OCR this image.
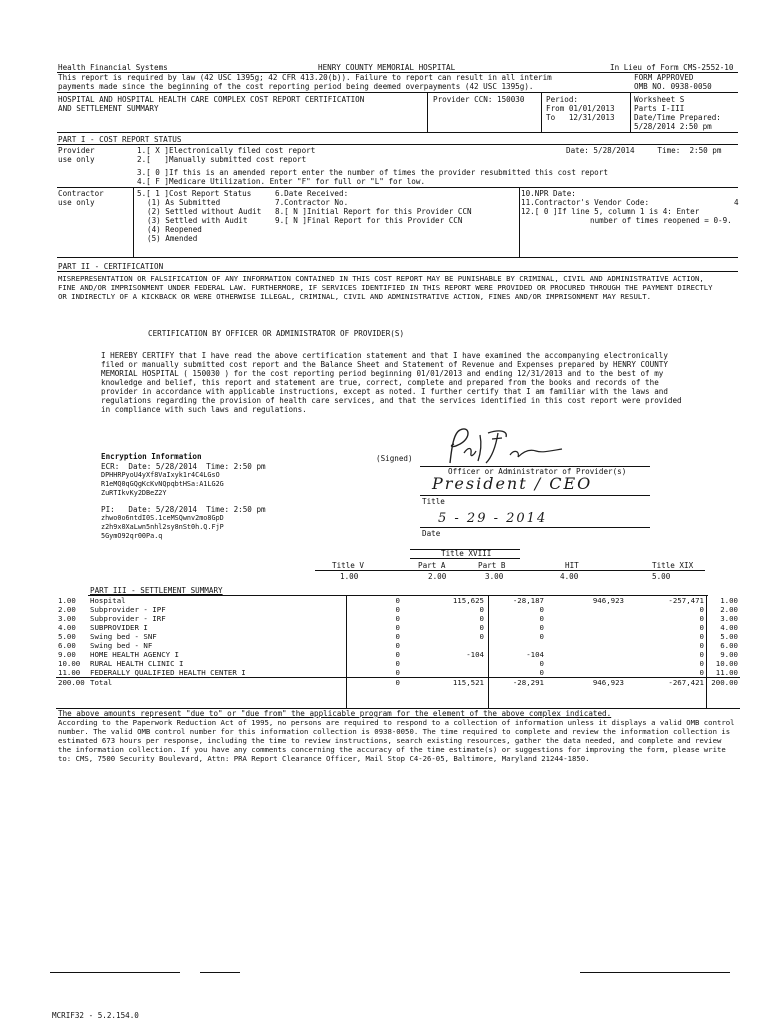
Health Financial Systems	HENRY COUNTY MEMORIAL HOSPITAL	In Lieu of Form CMS-2552-10
This report is required by law (42 USC 1395g; 42 CFR 413.20(b)). Failure to report can result in all interim	FORM APPROVED
payments made since the beginning of the cost reporting period being deemed overpayments (42 USC 1395g).	OMB NO. 0938-0050
HOSPITAL AND HOSPITAL HEALTH CARE COMPLEX COST REPORT CERTIFICATION
AND SETTLEMENT SUMMARY
Provider CCN: 150030	Period:
From 01/01/2013
To   12/31/2013
Worksheet S
Parts I-III
Date/Time Prepared:
5/28/2014 2:50 pm
PART I - COST REPORT STATUS
Provider
use only
1.[ X ]Electronically filed cost report	Date: 5/28/2014     Time:  2:50 pm
2.[   ]Manually submitted cost report
3.[ 0 ]If this is an amended report enter the number of times the provider resubmitted this cost report
4.[ F ]Medicare Utilization. Enter "F" for full or "L" for low.
Contractor
use only
5.[ 1 ]Cost Report Status
(1) As Submitted
(2) Settled without Audit
(3) Settled with Audit
(4) Reopened
(5) Amended
6.Date Received:
7.Contractor No.
8.[ N ]Initial Report for this Provider CCN
9.[ N ]Final Report for this Provider CCN
10.NPR Date:
11.Contractor's Vendor Code:	4
12.[ 0 ]If line 5, column 1 is 4: Enter
number of times reopened = 0-9.
PART II - CERTIFICATION
MISREPRESENTATION OR FALSIFICATION OF ANY INFORMATION CONTAINED IN THIS COST REPORT MAY BE PUNISHABLE BY CRIMINAL, CIVIL AND ADMINISTRATIVE ACTION, FINE AND/OR IMPRISONMENT UNDER FEDERAL LAW. FURTHERMORE, IF SERVICES IDENTIFIED IN THIS REPORT WERE PROVIDED OR PROCURED THROUGH THE PAYMENT DIRECTLY OR INDIRECTLY OF A KICKBACK OR WERE OTHERWISE ILLEGAL, CRIMINAL, CIVIL AND ADMINISTRATIVE ACTION, FINES AND/OR IMPRISONMENT MAY RESULT.
CERTIFICATION BY OFFICER OR ADMINISTRATOR OF PROVIDER(S)
I HEREBY CERTIFY that I have read the above certification statement and that I have examined the accompanying electronically filed or manually submitted cost report and the Balance Sheet and Statement of Revenue and Expenses prepared by HENRY COUNTY MEMORIAL HOSPITAL ( 150030 ) for the cost reporting period beginning 01/01/2013 and ending 12/31/2013 and to the best of my knowledge and belief, this report and statement are true, correct, complete and prepared from the books and records of the provider in accordance with applicable instructions, except as noted. I further certify that I am familiar with the laws and regulations regarding the provision of health care services, and that the services identified in this cost report were provided in compliance with such laws and regulations.
Encryption Information
ECR:  Date: 5/28/2014  Time: 2:50 pm
DPHHRPyoU4yXf8VaIxyk1r4C4LGsO
R1eMQ0qGQgKcKvNQpqbtHSa:A1LG2G
ZuRTIkvKy2DBeZ2Y
PI:   Date: 5/28/2014  Time: 2:50 pm
zhwo0o6ntdI0S.1ceMSQwnv2mo8GpD
z2h9x0XaLwn5nhl2sy8nSt0h.Q.FjP
5GymO92qr00Pa.q
(Signed)
Officer or Administrator of Provider(s)
President / CEO
Title
5 - 29 - 2014
Date
Title XVIII
Title V	Part A	Part B	HIT	Title XIX
1.00	2.00	3.00	4.00	5.00
PART III - SETTLEMENT SUMMARY
1.00	Hospital	0	115,625	-28,187	946,923	-257,471	1.00
2.00	Subprovider - IPF	0	0	0		0	2.00
3.00	Subprovider - IRF	0	0	0		0	3.00
4.00	SUBPROVIDER I	0	0	0		0	4.00
5.00	Swing bed - SNF	0	0	0		0	5.00
6.00	Swing bed - NF	0				0	6.00
9.00	HOME HEALTH AGENCY I	0	-104	-104		0	9.00
10.00	RURAL HEALTH CLINIC I	0		0		0	10.00
11.00	FEDERALLY QUALIFIED HEALTH CENTER I	0		0		0	11.00
200.00	Total	0	115,521	-28,291	946,923	-267,421	200.00
The above amounts represent "due to" or "due from" the applicable program for the element of the above complex indicated.
According to the Paperwork Reduction Act of 1995, no persons are required to respond to a collection of information unless it displays a valid OMB control number. The valid OMB control number for this information collection is 0938-0050. The time required to complete and review the information collection is estimated 673 hours per response, including the time to review instructions, search existing resources, gather the data needed, and complete and review the information collection. If you have any comments concerning the accuracy of the time estimate(s) or suggestions for improving the form, please write to: CMS, 7500 Security Boulevard, Attn: PRA Report Clearance Officer, Mail Stop C4-26-05, Baltimore, Maryland 21244-1850.
MCRIF32 - 5.2.154.0
